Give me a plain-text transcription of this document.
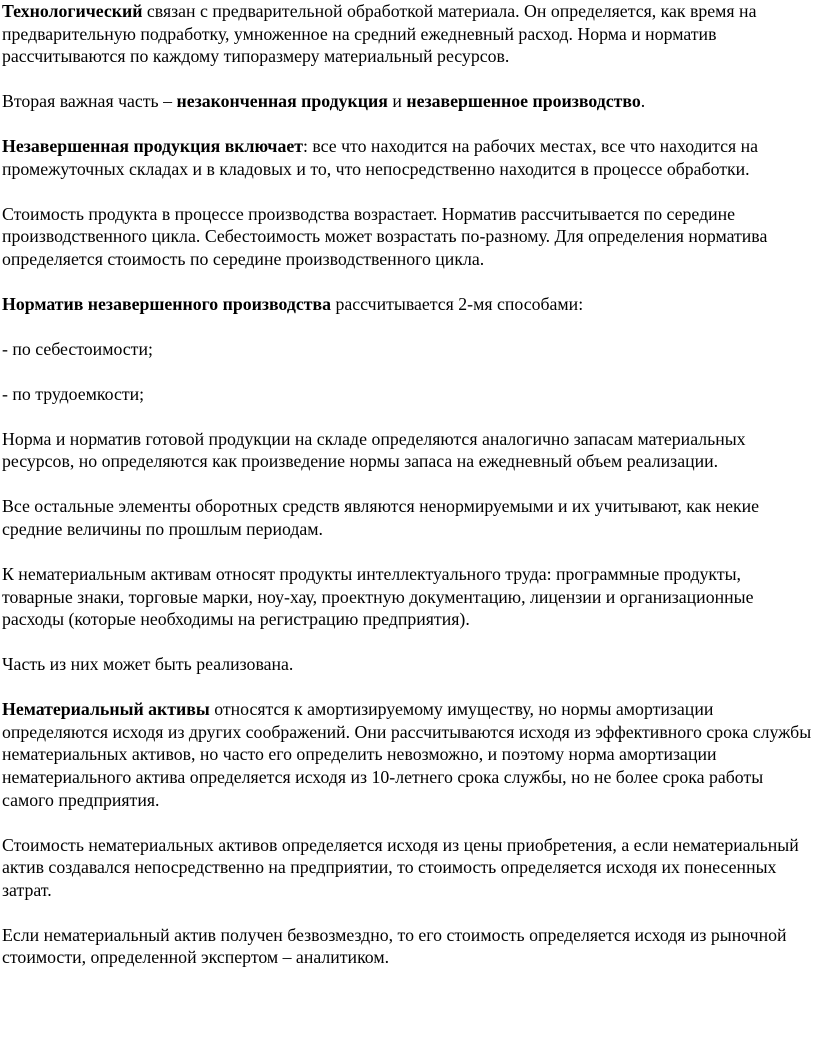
Технологический связан с предварительной обработкой материала. Он определяется, как время на предварительную подработку, умноженное на средний ежедневный расход. Норма и норматив рассчитываются по каждому типоразмеру материальный ресурсов.

Вторая важная часть – незаконченная продукция и незавершенное производство.

Незавершенная продукция включает: все что находится на рабочих местах, все что находится на промежуточных складах и в кладовых и то, что непосредственно находится в процессе обработки.

Стоимость продукта в процессе производства возрастает. Норматив рассчитывается по середине производственного цикла. Себестоимость может возрастать по-разному. Для определения норматива определяется стоимость по середине производственного цикла.

Норматив незавершенного производства рассчитывается 2-мя способами:

- по себестоимости;

- по трудоемкости;

Норма и норматив готовой продукции на складе определяются аналогично запасам материальных ресурсов, но определяются как произведение нормы запаса на ежедневный объем реализации.

Все остальные элементы оборотных средств являются ненормируемыми и их учитывают, как некие средние величины по прошлым периодам.

К нематериальным активам относят продукты интеллектуального труда: программные продукты, товарные знаки, торговые марки, ноу-хау, проектную документацию, лицензии и организационные расходы (которые необходимы на регистрацию предприятия).

Часть из них может быть реализована.

Нематериальный активы относятся к амортизируемому имуществу, но нормы амортизации определяются исходя из других соображений. Они рассчитываются исходя из эффективного срока службы нематериальных активов, но часто его определить невозможно, и поэтому норма амортизации нематериального актива определяется исходя из 10-летнего срока службы, но не более срока работы самого предприятия.

Стоимость нематериальных активов определяется исходя из цены приобретения, а если нематериальный актив создавался непосредственно на предприятии, то стоимость определяется исходя их понесенных затрат.

Если нематериальный актив получен безвозмездно, то его стоимость определяется исходя из рыночной стоимости, определенной экспертом – аналитиком.
